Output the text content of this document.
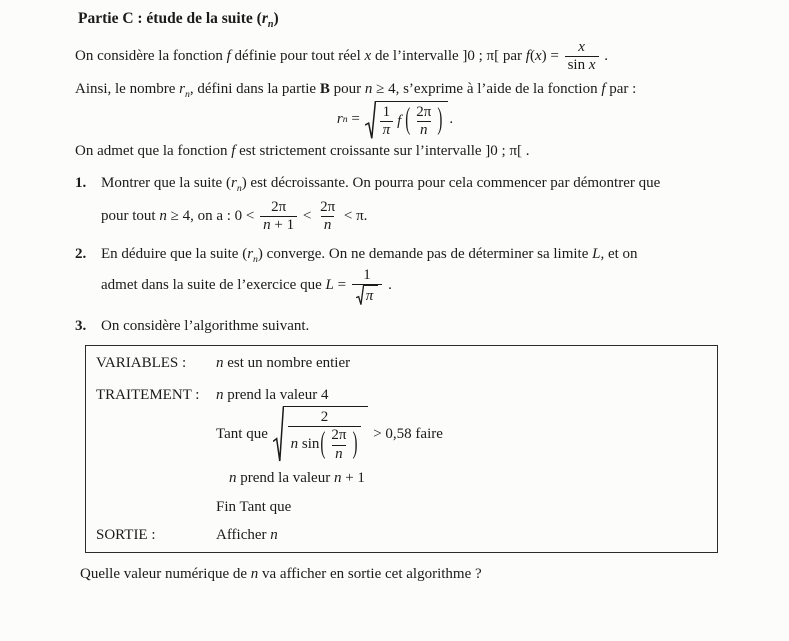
Partie C : étude de la suite $(r_n)$

On considère la fonction f définie pour tout réel x de l’intervalle ]0 ; π[ par $f(x) = \frac{x}{\text{sin x}}$ .

Ainsi, le nombre $r_n$, défini dans la partie B pour n ≥ 4, s’exprime à l’aide de la fonction f par :

r $n = \frac{1}{\pi}$ f ( $\frac{2\pi}{n}$ ) .

On admet que la fonction f est strictement croissante sur l’intervalle ]0 ; π[ .

1. Montrer que la suite $(r_n)$ est décroissante. On pourra pour cela commencer par démontrer que
pour tout n ≥ 4, on a : $0 < \frac{2\pi}{n + 1} < \frac{2\pi}{n} < \pi$.
2. En déduire que la suite $(r_n)$ converge. On ne demande pas de déterminer sa limite L, et on
admet dans la suite de l’exercice que $L = \frac{1}{\pi}$ .
3. On considère l’algorithme suivant.
VARIABLES :	n est un nombre entier
TRAITEMENT :	n prend la valeur 4
Tant que $\frac{2}{n \sin ( \frac{2\pi}{n} )} > 0,58$ faire
n prend la valeur n + 1
Fin Tant que
SORTIE :	Afficher n

Quelle valeur numérique de n va afficher en sortie cet algorithme ?
